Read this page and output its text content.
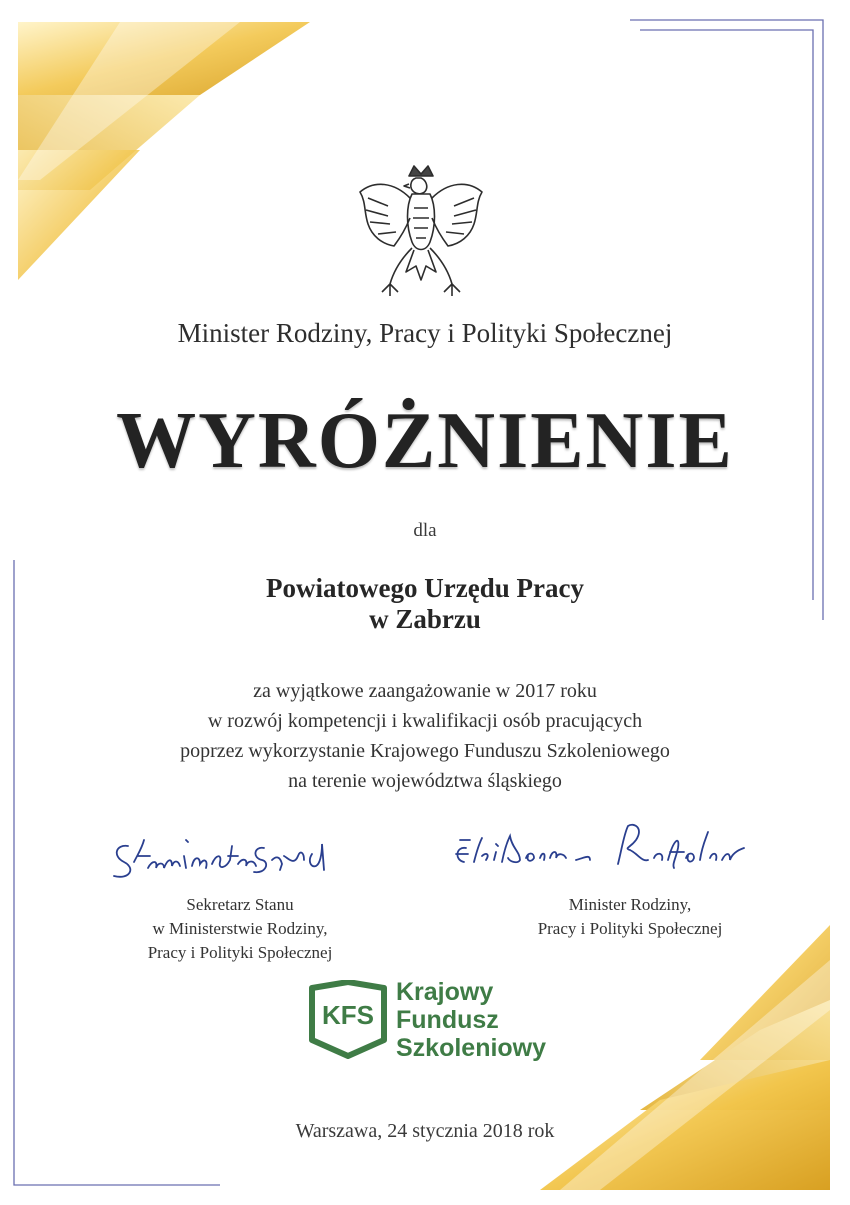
Minister Rodziny, Pracy i Polityki Społecznej
WYRÓŻNIENIE
dla
Powiatowego Urzędu Pracy
w Zabrzu
za wyjątkowe zaangażowanie w 2017 roku
w rozwój kompetencji i kwalifikacji osób pracujących
poprzez wykorzystanie Krajowego Funduszu Szkoleniowego
na terenie województwa śląskiego
Sekretarz Stanu
w Ministerstwie Rodziny,
Pracy i Polityki Społecznej
Minister Rodziny,
Pracy i Polityki Społecznej
KFS
Krajowy
Fundusz
Szkoleniowy
Warszawa, 24 stycznia 2018 rok
